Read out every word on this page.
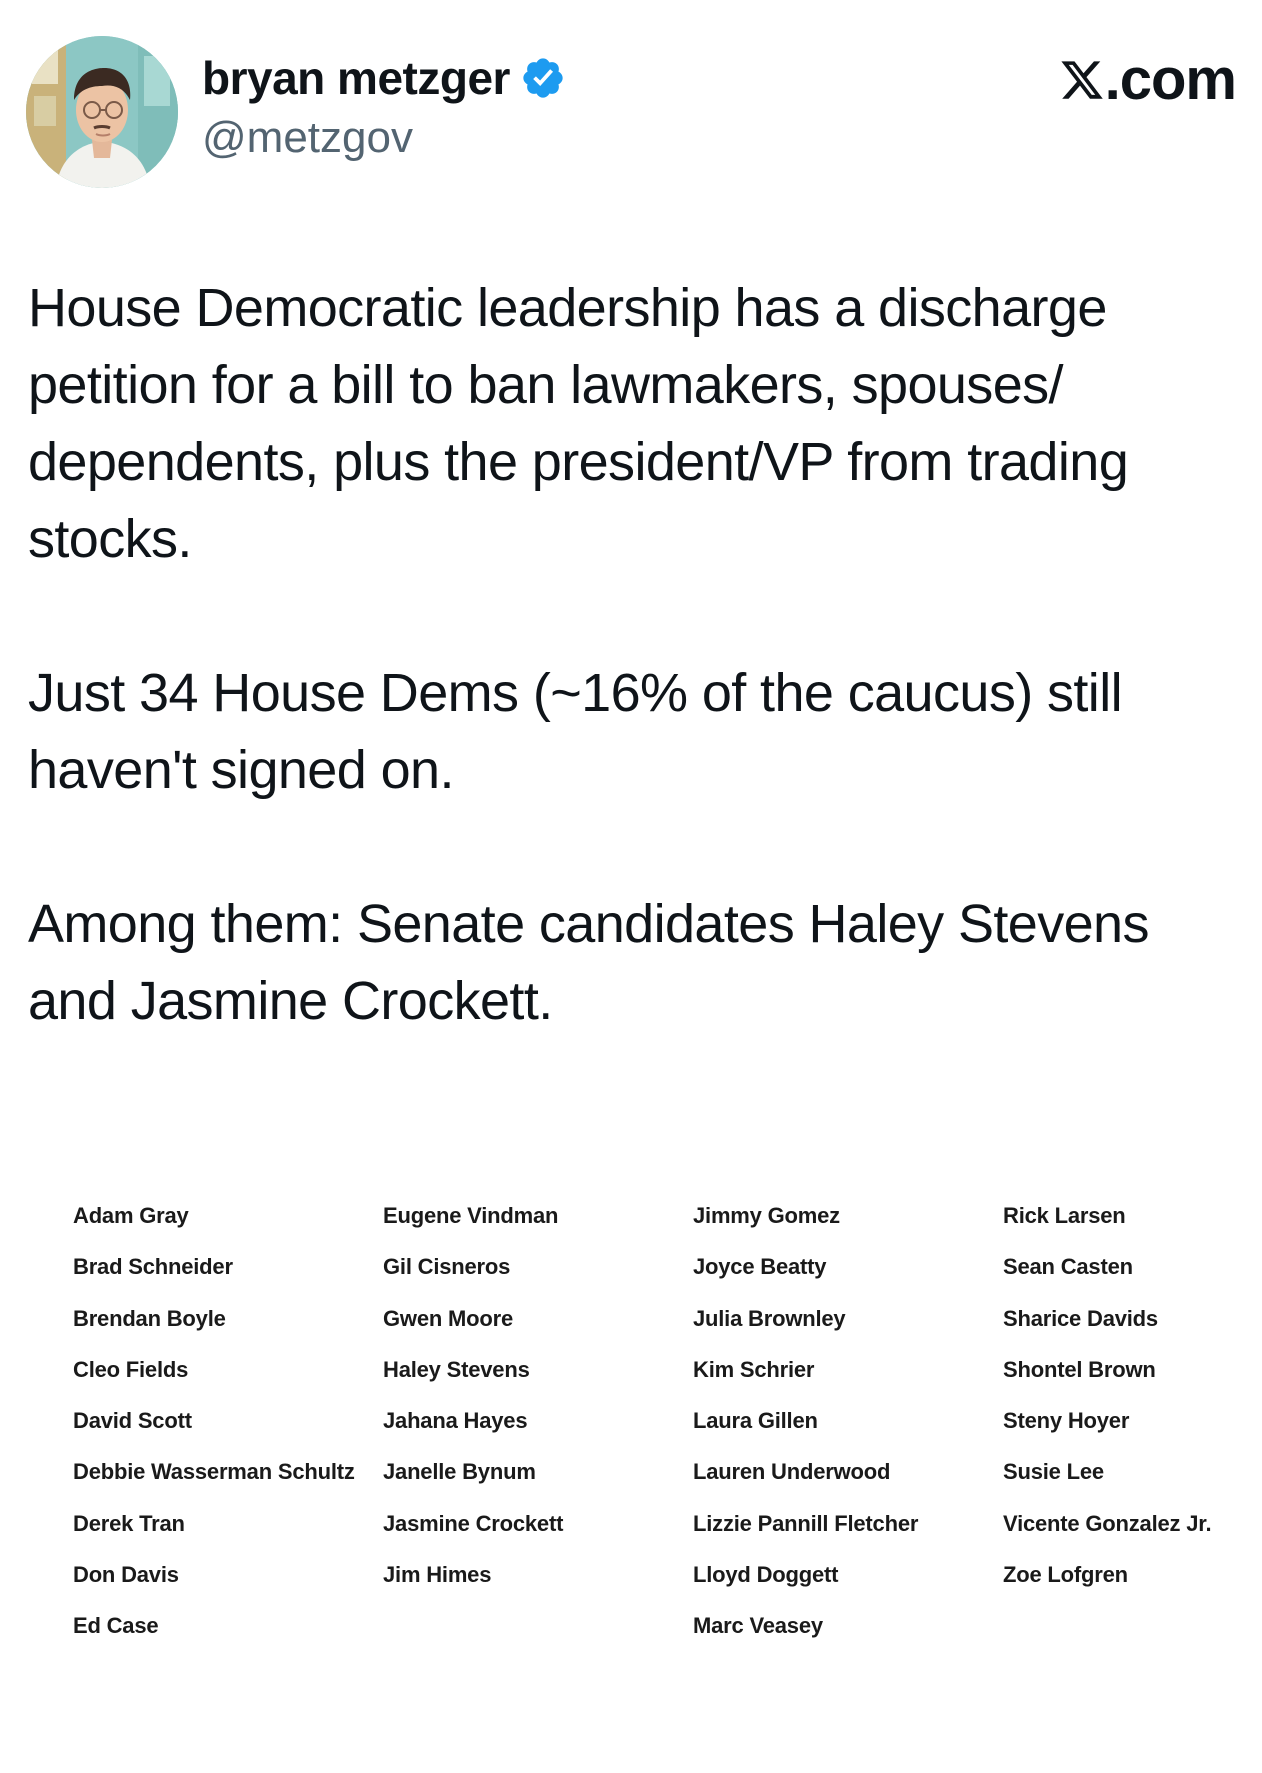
bryan metzger
@metzgov
.com

House Democratic leadership has a discharge petition for a bill to ban lawmakers, spouses/ dependents, plus the president/VP from trading stocks.

Just 34 House Dems (~16% of the caucus) still haven't signed on.

Among them: Senate candidates Haley Stevens and Jasmine Crockett.

Adam Gray
Brad Schneider
Brendan Boyle
Cleo Fields
David Scott
Debbie Wasserman Schultz
Derek Tran
Don Davis
Ed Case
Eugene Vindman
Gil Cisneros
Gwen Moore
Haley Stevens
Jahana Hayes
Janelle Bynum
Jasmine Crockett
Jim Himes
Jimmy Gomez
Joyce Beatty
Julia Brownley
Kim Schrier
Laura Gillen
Lauren Underwood
Lizzie Pannill Fletcher
Lloyd Doggett
Marc Veasey
Rick Larsen
Sean Casten
Sharice Davids
Shontel Brown
Steny Hoyer
Susie Lee
Vicente Gonzalez Jr.
Zoe Lofgren
